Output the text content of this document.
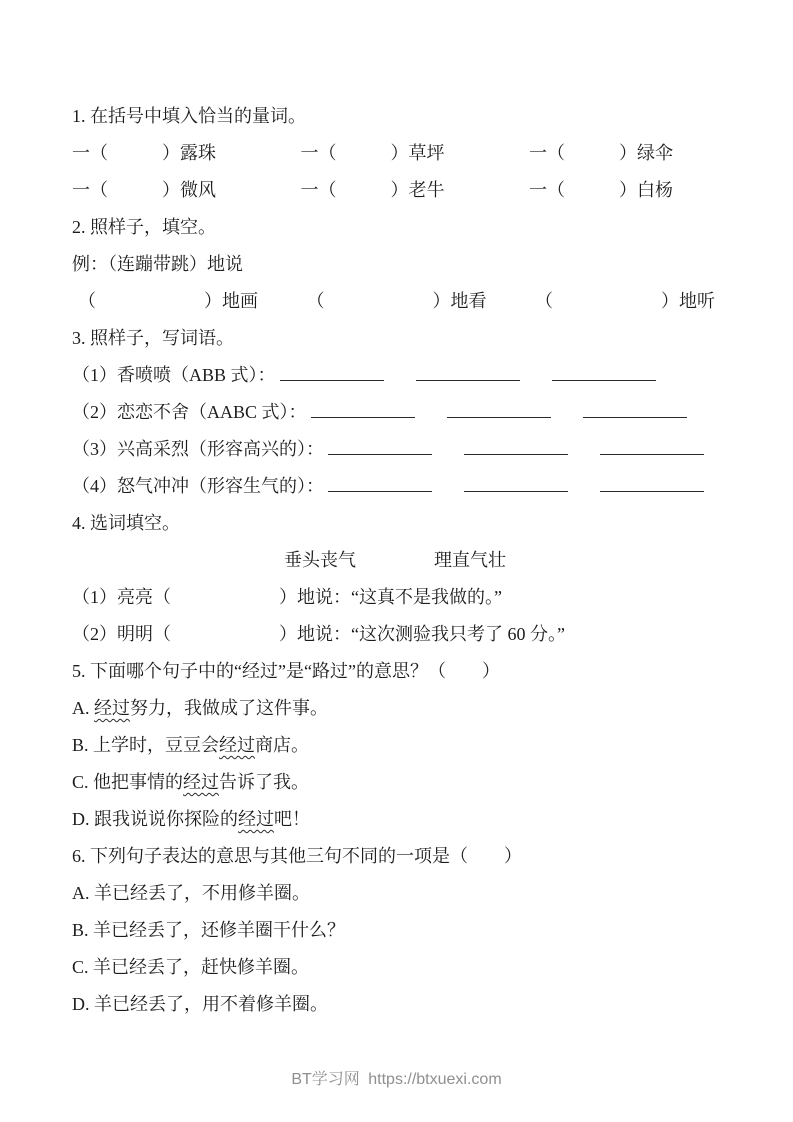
1. 在括号中填入恰当的量词。
一（　　　）露珠	一（　　　）草坪	一（　　　）绿伞
一（　　　）微风	一（　　　）老牛	一（　　　）白杨
2. 照样子，填空。
例：（连蹦带跳）地说
（　　　　　　）地画	（　　　　　　）地看	（　　　　　　）地听
3. 照样子，写词语。
（1）香喷喷（ABB 式）：
（2）恋恋不舍（AABC 式）：
（3）兴高采烈（形容高兴的）：
（4）怒气冲冲（形容生气的）：
4. 选词填空。
垂头丧气	理直气壮
（1）亮亮（　　　　　　）地说：“这真不是我做的。”
（2）明明（　　　　　　）地说：“这次测验我只考了 60 分。”
5. 下面哪个句子中的“经过”是“路过”的意思？（　　）
A. 经过努力，我做成了这件事。
B. 上学时，豆豆会经过商店。
C. 他把事情的经过告诉了我。
D. 跟我说说你探险的经过吧！
6. 下列句子表达的意思与其他三句不同的一项是（　　）
A. 羊已经丢了，不用修羊圈。
B. 羊已经丢了，还修羊圈干什么？
C. 羊已经丢了，赶快修羊圈。
D. 羊已经丢了，用不着修羊圈。
BT学习网 https://btxuexi.com
